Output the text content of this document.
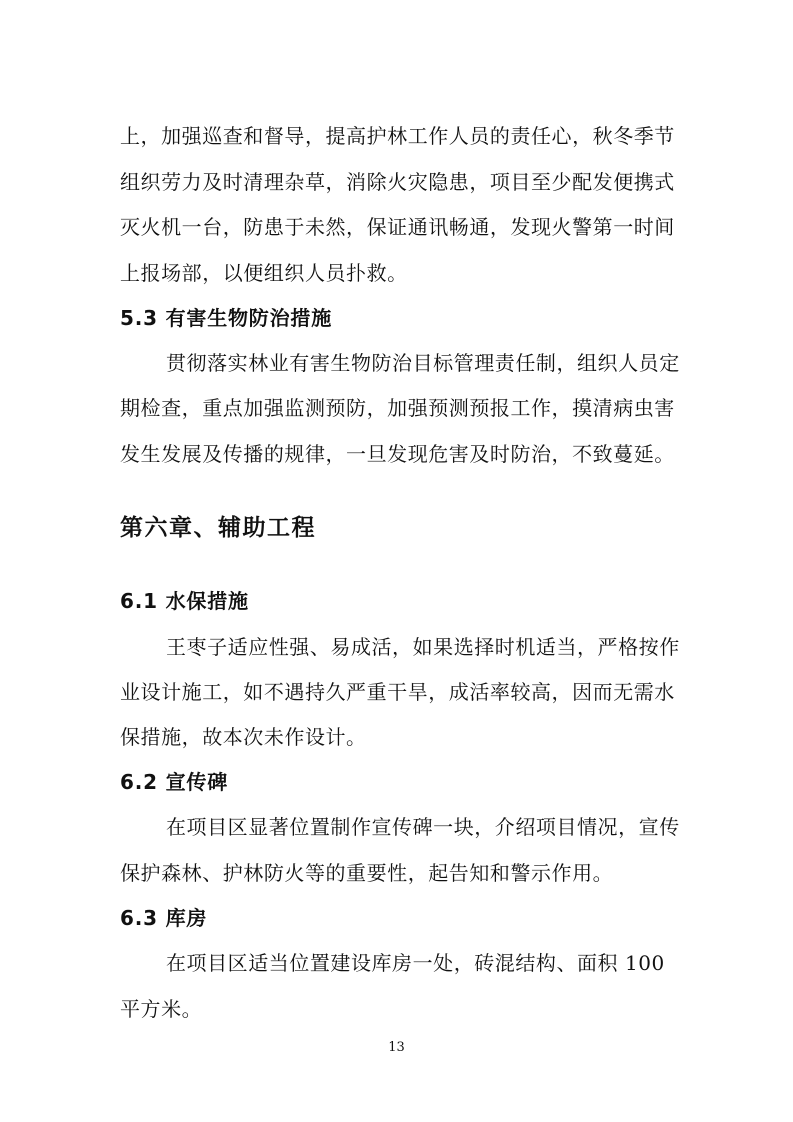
上，加强巡查和督导，提高护林工作人员的责任心，秋冬季节

组织劳力及时清理杂草，消除火灾隐患，项目至少配发便携式

灭火机一台，防患于未然，保证通讯畅通，发现火警第一时间

上报场部，以便组织人员扑救。

5.3 有害生物防治措施

贯彻落实林业有害生物防治目标管理责任制，组织人员定

期检查，重点加强监测预防，加强预测预报工作，摸清病虫害

发生发展及传播的规律，一旦发现危害及时防治，不致蔓延。

第六章、辅助工程

6.1 水保措施

王枣子适应性强、易成活，如果选择时机适当，严格按作

业设计施工，如不遇持久严重干旱，成活率较高，因而无需水

保措施，故本次未作设计。

6.2 宣传碑

在项目区显著位置制作宣传碑一块，介绍项目情况，宣传

保护森林、护林防火等的重要性，起告知和警示作用。

6.3 库房

在项目区适当位置建设库房一处，砖混结构、面积 100

平方米。

13
